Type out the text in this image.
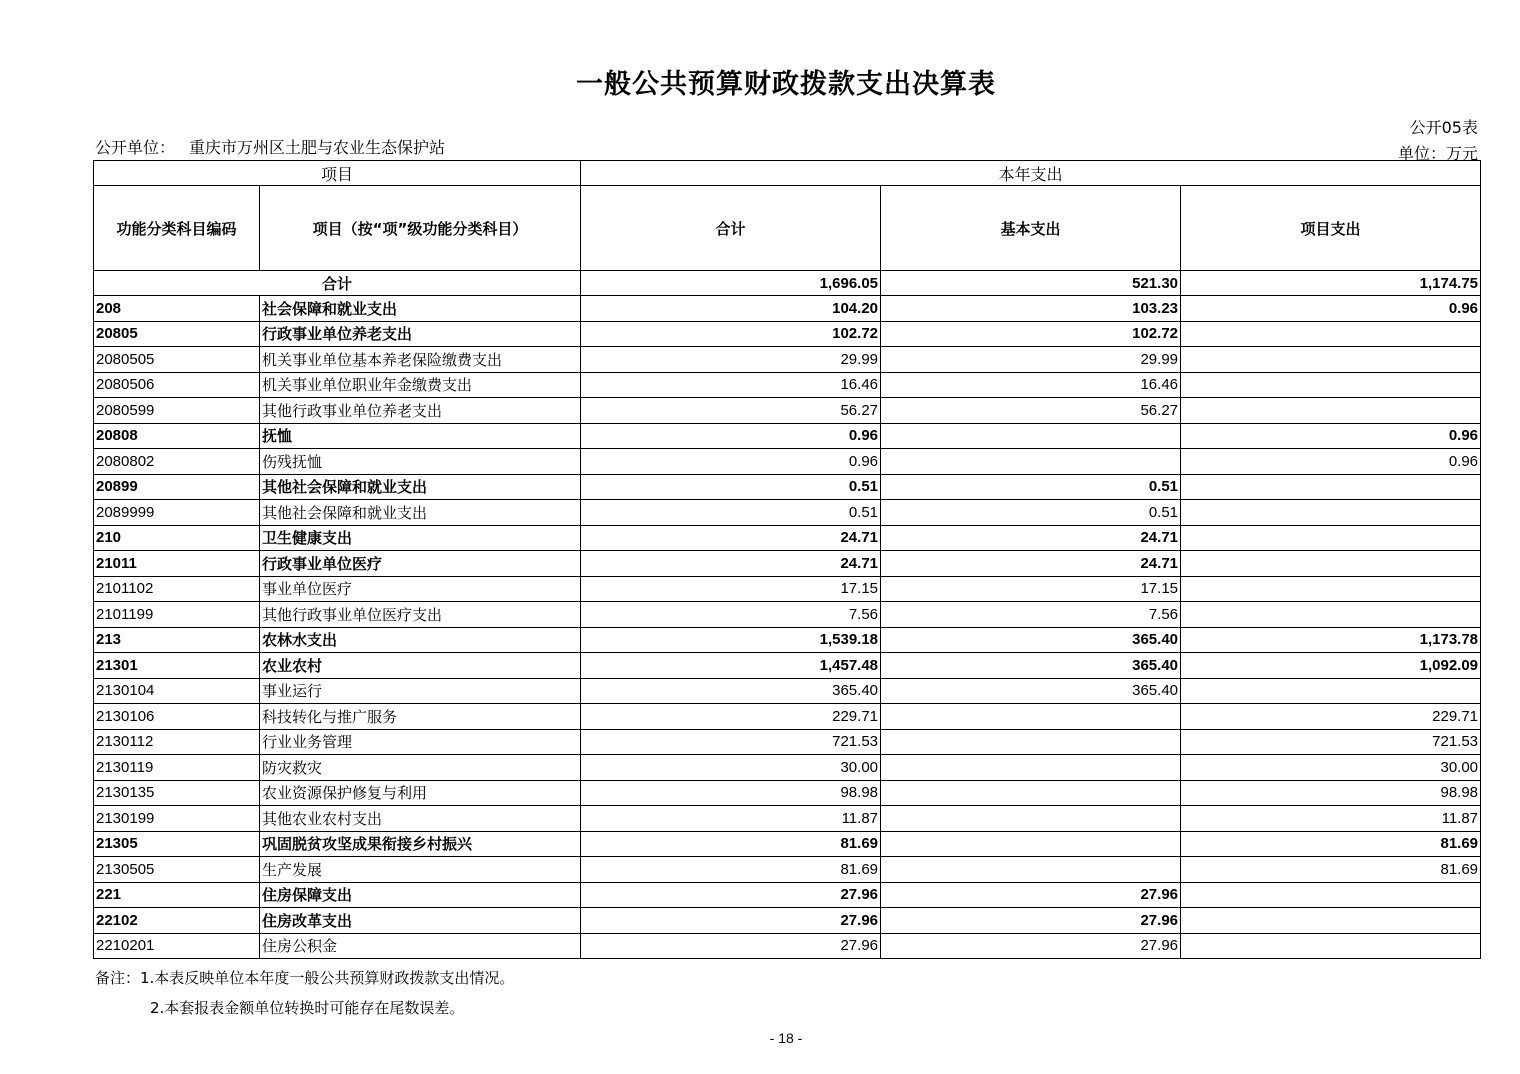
一般公共预算财政拨款支出决算表
公开05表
单位：万元
公开单位： 重庆市万州区土肥与农业生态保护站
项目		本年支出		
功能分类科目编码	项目（按“项”级功能分类科目）	合计	基本支出	项目支出
合计		1,696.05	521.30	1,174.75
208	社会保障和就业支出	104.20	103.23	0.96
20805	行政事业单位养老支出	102.72	102.72	
2080505	机关事业单位基本养老保险缴费支出	29.99	29.99	
2080506	机关事业单位职业年金缴费支出	16.46	16.46	
2080599	其他行政事业单位养老支出	56.27	56.27	
20808	抚恤	0.96		0.96
2080802	伤残抚恤	0.96		0.96
20899	其他社会保障和就业支出	0.51	0.51	
2089999	其他社会保障和就业支出	0.51	0.51	
210	卫生健康支出	24.71	24.71	
21011	行政事业单位医疗	24.71	24.71	
2101102	事业单位医疗	17.15	17.15	
2101199	其他行政事业单位医疗支出	7.56	7.56	
213	农林水支出	1,539.18	365.40	1,173.78
21301	农业农村	1,457.48	365.40	1,092.09
2130104	事业运行	365.40	365.40	
2130106	科技转化与推广服务	229.71		229.71
2130112	行业业务管理	721.53		721.53
2130119	防灾救灾	30.00		30.00
2130135	农业资源保护修复与利用	98.98		98.98
2130199	其他农业农村支出	11.87		11.87
21305	巩固脱贫攻坚成果衔接乡村振兴	81.69		81.69
2130505	生产发展	81.69		81.69
221	住房保障支出	27.96	27.96	
22102	住房改革支出	27.96	27.96	
2210201	住房公积金	27.96	27.96	
备注：1.本表反映单位本年度一般公共预算财政拨款支出情况。
2.本套报表金额单位转换时可能存在尾数误差。
- 18 -
